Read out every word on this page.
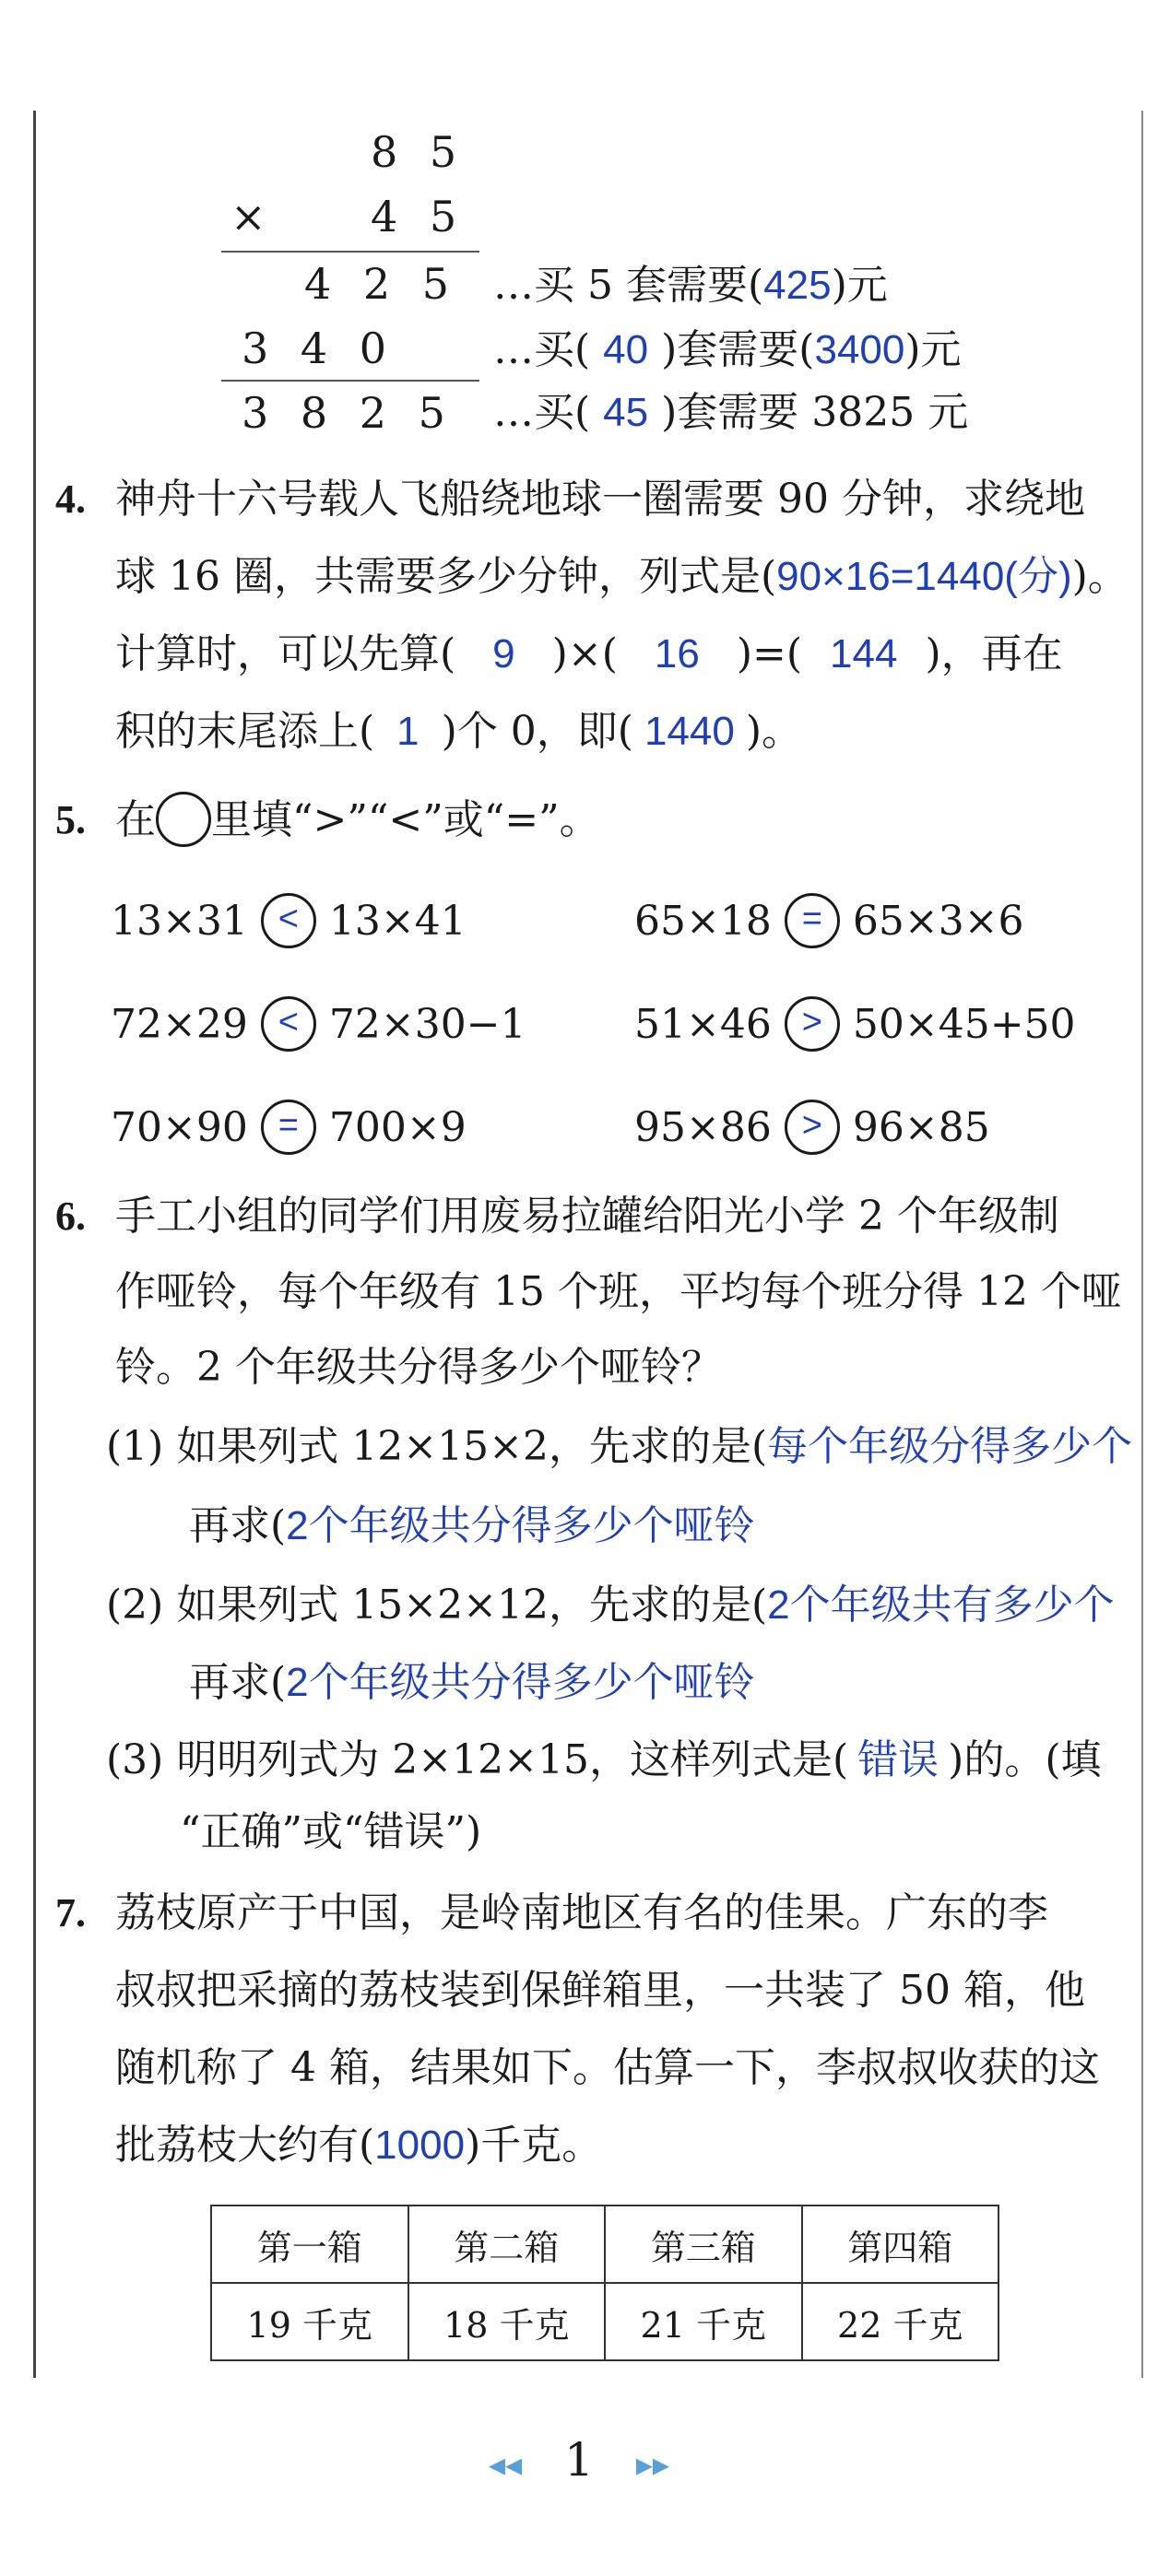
8 5
× 4 5
4 2 5 …买 5 套需要(425)元
3 4 0 …买( 40 )套需要(3400)元
3 8 2 5 …买( 45 )套需要 3825 元
4. 神舟十六号载人飞船绕地球一圈需要 90 分钟，求绕地
球 16 圈，共需要多少分钟，列式是(90×16=1440(分))。
计算时，可以先算( 9 )×( 16 )=( 144 )，再在
积的末尾添上( 1 )个 0，即( 1440 )。
5. 在 里填“>”“<”或“=”。
13×31 < 13×41	65×18 = 65×3×6
72×29 < 72×30−1	51×46 > 50×45+50
70×90 = 700×9	95×86 > 96×85
6. 手工小组的同学们用废易拉罐给阳光小学 2 个年级制
作哑铃，每个年级有 15 个班，平均每个班分得 12 个哑
铃。2 个年级共分得多少个哑铃？
(1) 如果列式 12×15×2，先求的是(每个年级分得多少个
再求(2个年级共分得多少个哑铃
(2) 如果列式 15×2×12，先求的是(2个年级共有多少个
再求(2个年级共分得多少个哑铃
(3) 明明列式为 2×12×15，这样列式是( 错误 )的。(填
“正确”或“错误”)
7. 荔枝原产于中国，是岭南地区有名的佳果。广东的李
叔叔把采摘的荔枝装到保鲜箱里，一共装了 50 箱，他
随机称了 4 箱，结果如下。估算一下，李叔叔收获的这
批荔枝大约有(1000)千克。
第一箱	第二箱	第三箱	第四箱
19 千克	18 千克	21 千克	22 千克
◂◂ 1 ▸▸
